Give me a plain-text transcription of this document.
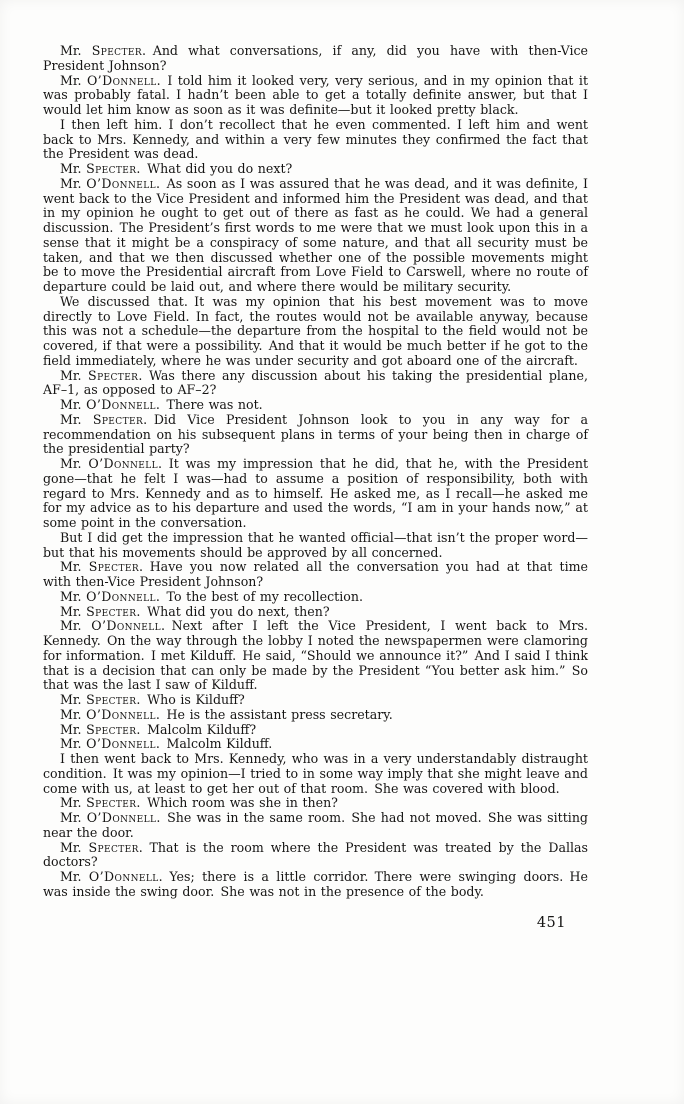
Mr. Specter. And what conversations, if any, did you have with then-Vice President Johnson?

Mr. O’Donnell. I told him it looked very, very serious, and in my opinion that it was probably fatal. I hadn’t been able to get a totally definite answer, but that I would let him know as soon as it was definite—but it looked pretty black.

I then left him. I don’t recollect that he even commented. I left him and went back to Mrs. Kennedy, and within a very few minutes they confirmed the fact that the President was dead.

Mr. Specter. What did you do next?

Mr. O’Donnell. As soon as I was assured that he was dead, and it was definite, I went back to the Vice President and informed him the President was dead, and that in my opinion he ought to get out of there as fast as he could. We had a general discussion. The President’s first words to me were that we must look upon this in a sense that it might be a conspiracy of some nature, and that all security must be taken, and that we then discussed whether one of the possible movements might be to move the Presidential aircraft from Love Field to Carswell, where no route of departure could be laid out, and where there would be military security.

We discussed that. It was my opinion that his best movement was to move directly to Love Field. In fact, the routes would not be available anyway, because this was not a schedule—the departure from the hospital to the field would not be covered, if that were a possibility. And that it would be much better if he got to the field immediately, where he was under security and got aboard one of the aircraft.

Mr. Specter. Was there any discussion about his taking the presidential plane, AF–1, as opposed to AF–2?

Mr. O’Donnell. There was not.

Mr. Specter. Did Vice President Johnson look to you in any way for a recommendation on his subsequent plans in terms of your being then in charge of the presidential party?

Mr. O’Donnell. It was my impression that he did, that he, with the President gone—that he felt I was—had to assume a position of responsibility, both with regard to Mrs. Kennedy and as to himself. He asked me, as I recall—he asked me for my advice as to his departure and used the words, “I am in your hands now,” at some point in the conversation.

But I did get the impression that he wanted official—that isn’t the proper word—but that his movements should be approved by all concerned.

Mr. Specter. Have you now related all the conversation you had at that time with then-Vice President Johnson?

Mr. O’Donnell. To the best of my recollection.

Mr. Specter. What did you do next, then?

Mr. O’Donnell. Next after I left the Vice President, I went back to Mrs. Kennedy. On the way through the lobby I noted the newspapermen were clamoring for information. I met Kilduff. He said, “Should we announce it?” And I said I think that is a decision that can only be made by the President “You better ask him.” So that was the last I saw of Kilduff.

Mr. Specter. Who is Kilduff?

Mr. O’Donnell. He is the assistant press secretary.

Mr. Specter. Malcolm Kilduff?

Mr. O’Donnell. Malcolm Kilduff.

I then went back to Mrs. Kennedy, who was in a very understandably distraught condition. It was my opinion—I tried to in some way imply that she might leave and come with us, at least to get her out of that room. She was covered with blood.

Mr. Specter. Which room was she in then?

Mr. O’Donnell. She was in the same room. She had not moved. She was sitting near the door.

Mr. Specter. That is the room where the President was treated by the Dallas doctors?

Mr. O’Donnell. Yes; there is a little corridor. There were swinging doors. He was inside the swing door. She was not in the presence of the body.

451
